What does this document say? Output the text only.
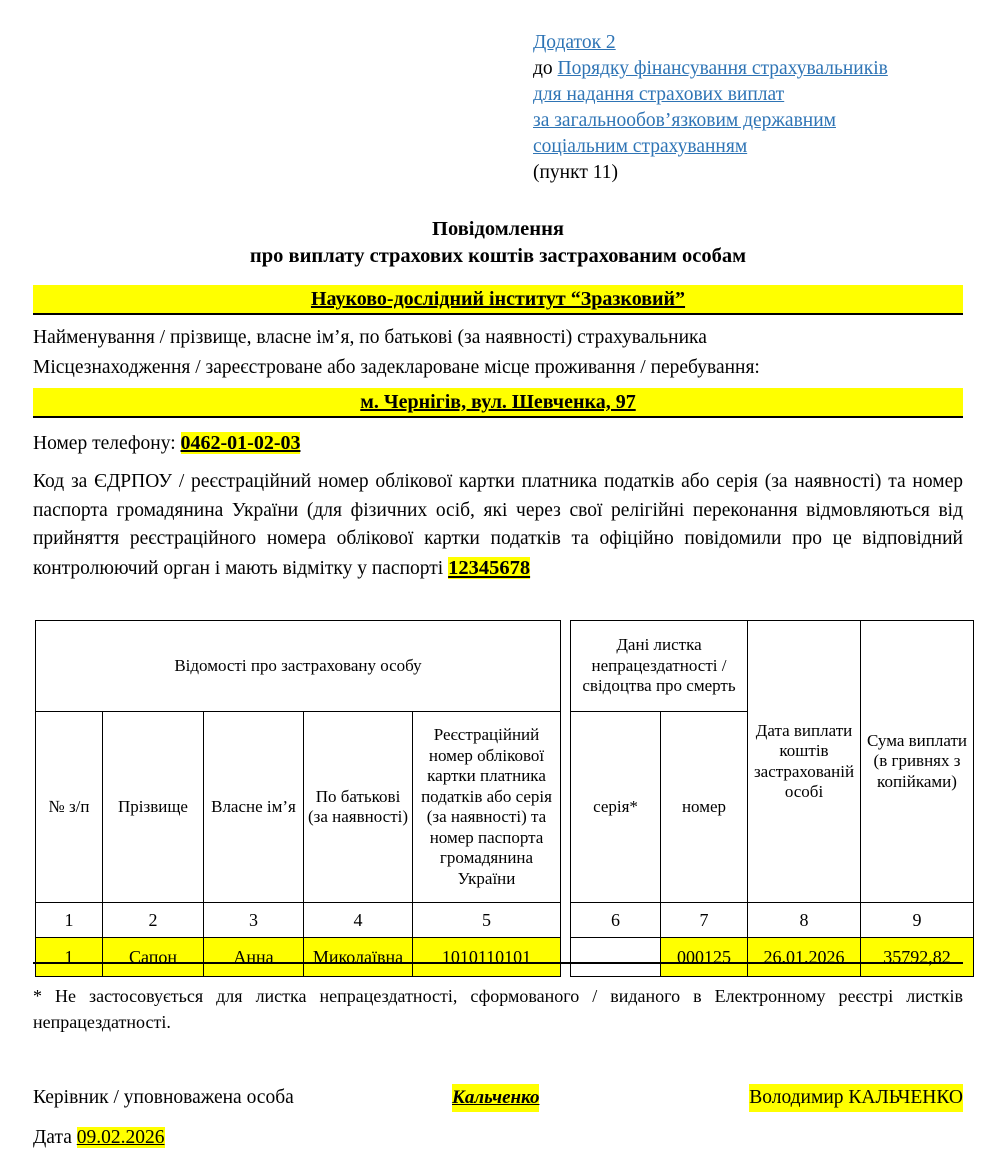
Додаток 2
до Порядку фінансування страхувальників
для надання страхових виплат
за загальнообов’язковим державним
соціальним страхуванням
(пункт 11)
Повідомлення
про виплату страхових коштів застрахованим особам
Науково-дослідний інститут “Зразковий”
Найменування / прізвище, власне ім’я, по батькові (за наявності) страхувальника
Місцезнаходження / зареєстроване або задеклароване місце проживання / перебування:
м. Чернігів, вул. Шевченка, 97
Номер телефону: 0462-01-02-03
Код за ЄДРПОУ / реєстраційний номер облікової картки платника податків або серія (за наявності) та номер паспорта громадянина України (для фізичних осіб, які через свої релігійні переконання відмовляються від прийняття реєстраційного номера облікової картки податків та офіційно повідомили про це відповідний контролюючий орган і мають відмітку у паспорті 12345678
Відомості про застраховану особу						Дані листка непрацездатності / свідоцтва про смерть		Дата виплати коштів застрахованій особі	Сума виплати (в гривнях з копійками)
№ з/п	Прізвище	Власне ім’я	По батькові (за наявності)	Реєстраційний номер облікової картки платника податків або серія (за наявності) та номер паспорта громадянина України		серія*	номер		
1	2	3	4	5		6	7	8	9
1	Сапон	Анна	Миколаївна	1010110101			000125	26.01.2026	35792,82
* Не застосовується для листка непрацездатності, сформованого / виданого в Електронному реєстрі листків непрацездатності.
Керівник / уповноважена особа	Кальченко	Володимир КАЛЬЧЕНКО
Дата 09.02.2026
